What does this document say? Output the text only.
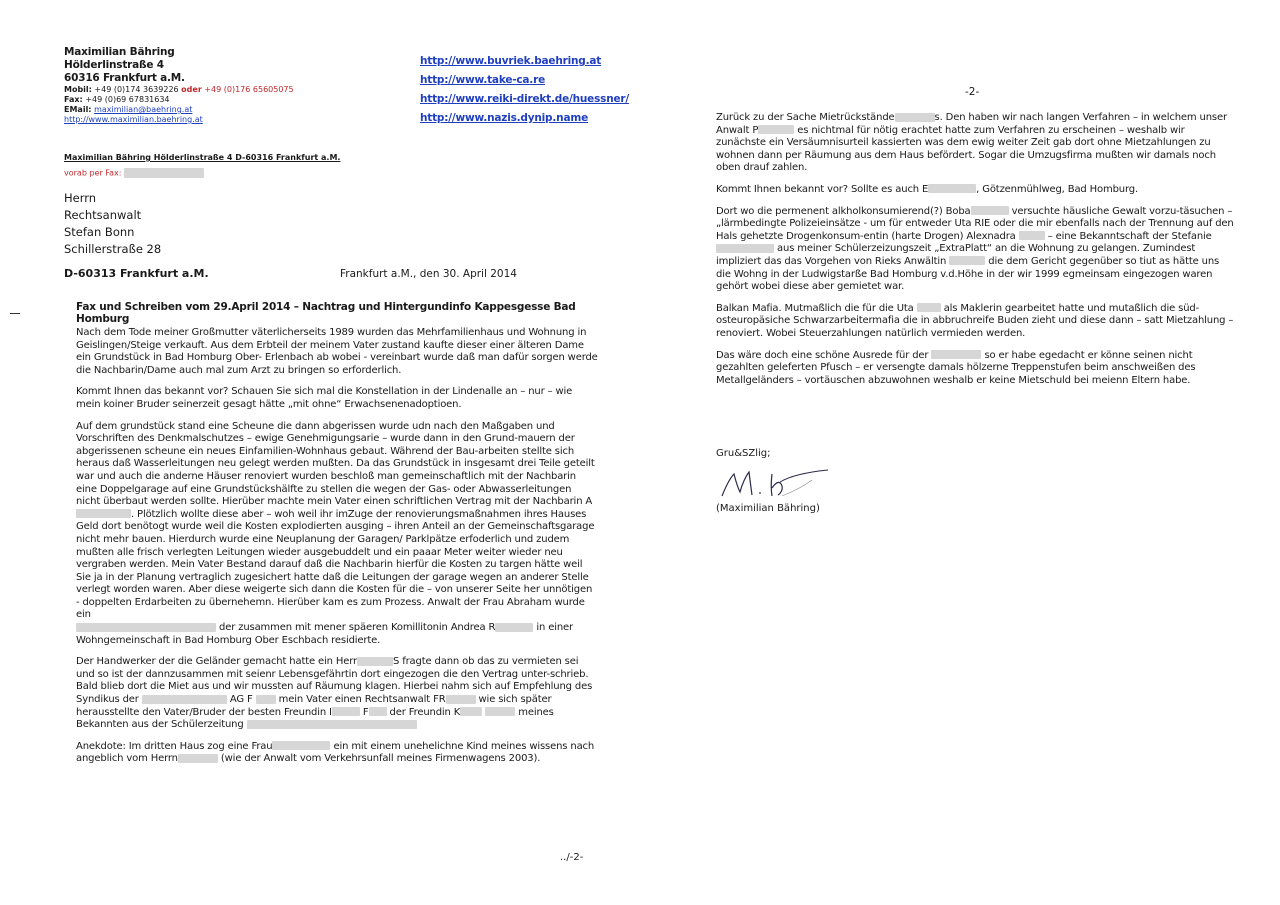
Maximilian Bähring
Hölderlinstraße 4
60316 Frankfurt a.M.
Mobil: +49 (0)174 3639226 oder +49 (0)176 65605075
Fax: +49 (0)69 67831634
EMail: maximilian@baehring.at
http://www.maximilian.baehring.at
http://www.buvriek.baehring.at
http://www.take-ca.re
http://www.reiki-direkt.de/huessner/
http://www.nazis.dynip.name
Maximilian Bähring Hölderlinstraße 4 D-60316 Frankfurt a.M.
vorab per Fax:
Herrn
Rechtsanwalt
Stefan Bonn
Schillerstraße 28
D-60313 Frankfurt a.M.	Frankfurt a.M., den 30. April 2014
Fax und Schreiben vom 29.April 2014 – Nachtrag und Hintergundinfo Kappesgesse Bad Homburg

Nach dem Tode meiner Großmutter väterlicherseits 1989 wurden das Mehrfamilienhaus und Wohnung in Geislingen/Steige verkauft. Aus dem Erbteil der meinem Vater zustand kaufte dieser einer älteren Dame ein Grundstück in Bad Homburg Ober- Erlenbach ab wobei - vereinbart wurde daß man dafür sorgen werde die Nachbarin/Dame auch mal zum Arzt zu bringen so erforderlich.

Kommt Ihnen das bekannt vor? Schauen Sie sich mal die Konstellation in der Lindenalle an – nur – wie mein koiner Bruder seinerzeit gesagt hätte „mit ohne“ Erwachsenenadoptioen.

Auf dem grundstück stand eine Scheune die dann abgerissen wurde udn nach den Maßgaben und Vorschriften des Denkmalschutzes – ewige Genehmigungsarie – wurde dann in den Grund-mauern der abgerissenen scheune ein neues Einfamilien-Wohnhaus gebaut. Während der Bau-arbeiten stellte sich heraus daß Wasserleitungen neu gelegt werden mußten. Da das Grundstück in insgesamt drei Teile geteilt war und auch die anderne Häuser renoviert wurden beschloß man gemeinschaftlich mit der Nachbarin eine Doppelgarage auf eine Grundstückshälfte zu stellen die wegen der Gas- oder Abwasserleitungen nicht überbaut werden sollte. Hierüber machte mein Vater einen schriftlichen Vertrag mit der Nachbarin A. Plötzlich wollte diese aber – woh weil ihr imZuge der renovierungsmaßnahmen ihres Hauses Geld dort benötogt wurde weil die Kosten explodierten ausging – ihren Anteil an der Gemeinschaftsgarage nicht mehr bauen. Hierdurch wurde eine Neuplanung der Garagen/ Parklpätze erfoderlich und zudem mußten alle frisch verlegten Leitungen wieder ausgebuddelt und ein paaar Meter weiter wieder neu vergraben werden. Mein Vater Bestand darauf daß die Nachbarin hierfür die Kosten zu targen hätte weil Sie ja in der Planung vertraglich zugesichert hatte daß die Leitungen der garage wegen an anderer Stelle verlegt worden waren. Aber diese weigerte sich dann die Kosten für die – von unserer Seite her unnötigen - doppelten Erdarbeiten zu übernehemn. Hierüber kam es zum Prozess. Anwalt der Frau Abraham wurde ein
der zusammen mit mener späeren Komillitonin Andrea R	in einer Wohngemeinschaft in Bad Homburg Ober Eschbach residierte.

Der Handwerker der die Geländer gemacht hatte ein Herr	S fragte dann ob das zu vermieten sei und so ist der dannzusammen mit seienr Lebensgefährtin dort eingezogen die den Vertrag unter-schrieb. Bald blieb dort die Miet aus und wir mussten auf Räumung klagen. Hierbei nahm sich auf Empfehlung des Syndikus der	AG F	mein Vater einen Rechtsanwalt FR	wie sich später herausstellte den Vater/Bruder der besten Freundin I	F der Freundin K	meines Bekannten aus der Schülerzeitung

Anekdote: Im dritten Haus zog eine Frau	ein mit einem unehelichne Kind meines wissens nach angeblich vom Herrn	(wie der Anwalt vom Verkehrsunfall meines Firmenwagens 2003).

../-2-
-2-

Zurück zu der Sache Mietrückstände	s. Den haben wir nach langen Verfahren – in welchem unser Anwalt P	es nichtmal für nötig erachtet hatte zum Verfahren zu erscheinen – weshalb wir zunächste ein Versäumnisurteil kassierten was dem ewig weiter Zeit gab dort ohne Mietzahlungen zu wohnen dann per Räumung aus dem Haus befördert. Sogar die Umzugsfirma mußten wir damals noch oben drauf zahlen.

Kommt Ihnen bekannt vor? Sollte es auch E	, Götzenmühlweg, Bad Homburg.

Dort wo die permenent alkholkonsumierend(?) Boba	versuchte häusliche Gewalt vorzu-täsuchen – „lärmbedingte Polizeieinsätze - um für entweder Uta RIE oder die mir ebenfalls nach der Trennung auf den Hals gehetzte Drogenkonsum-entin (harte Drogen) Alexnadra	– eine Bekanntschaft der Stefanie  aus meiner Schülerzeizungszeit „ExtraPlatt“ an die Wohnung zu gelangen. Zumindest impliziert das das Vorgehen von Rieks Anwältin	die dem Gericht gegenüber so tiut as hätte uns die Wohng in der Ludwigstarße Bad Homburg v.d.Höhe in der wir 1999 egmeinsam eingezogen waren gehört wobei diese aber gemietet war.

Balkan Mafia. Mutmaßlich die für die Uta	als Maklerin gearbeitet hatte und mutaßlich die süd-osteuropäsiche Schwarzarbeitermafia die in abbruchreife Buden zieht und diese dann – satt Mietzahlung – renoviert. Wobei Steuerzahlungen natürlich vermieden werden.

Das wäre doch eine schöne Ausrede für der	so er habe egedacht er könne seinen nicht gezahlten geleferten Pfusch – er versengte damals hölzerne Treppenstufen beim anschweißen des Metallgeländers – vortäuschen abzuwohnen weshalb er keine Mietschuld bei meienn Eltern habe.

Gru&SZlig;
(Maximilian Bähring)
